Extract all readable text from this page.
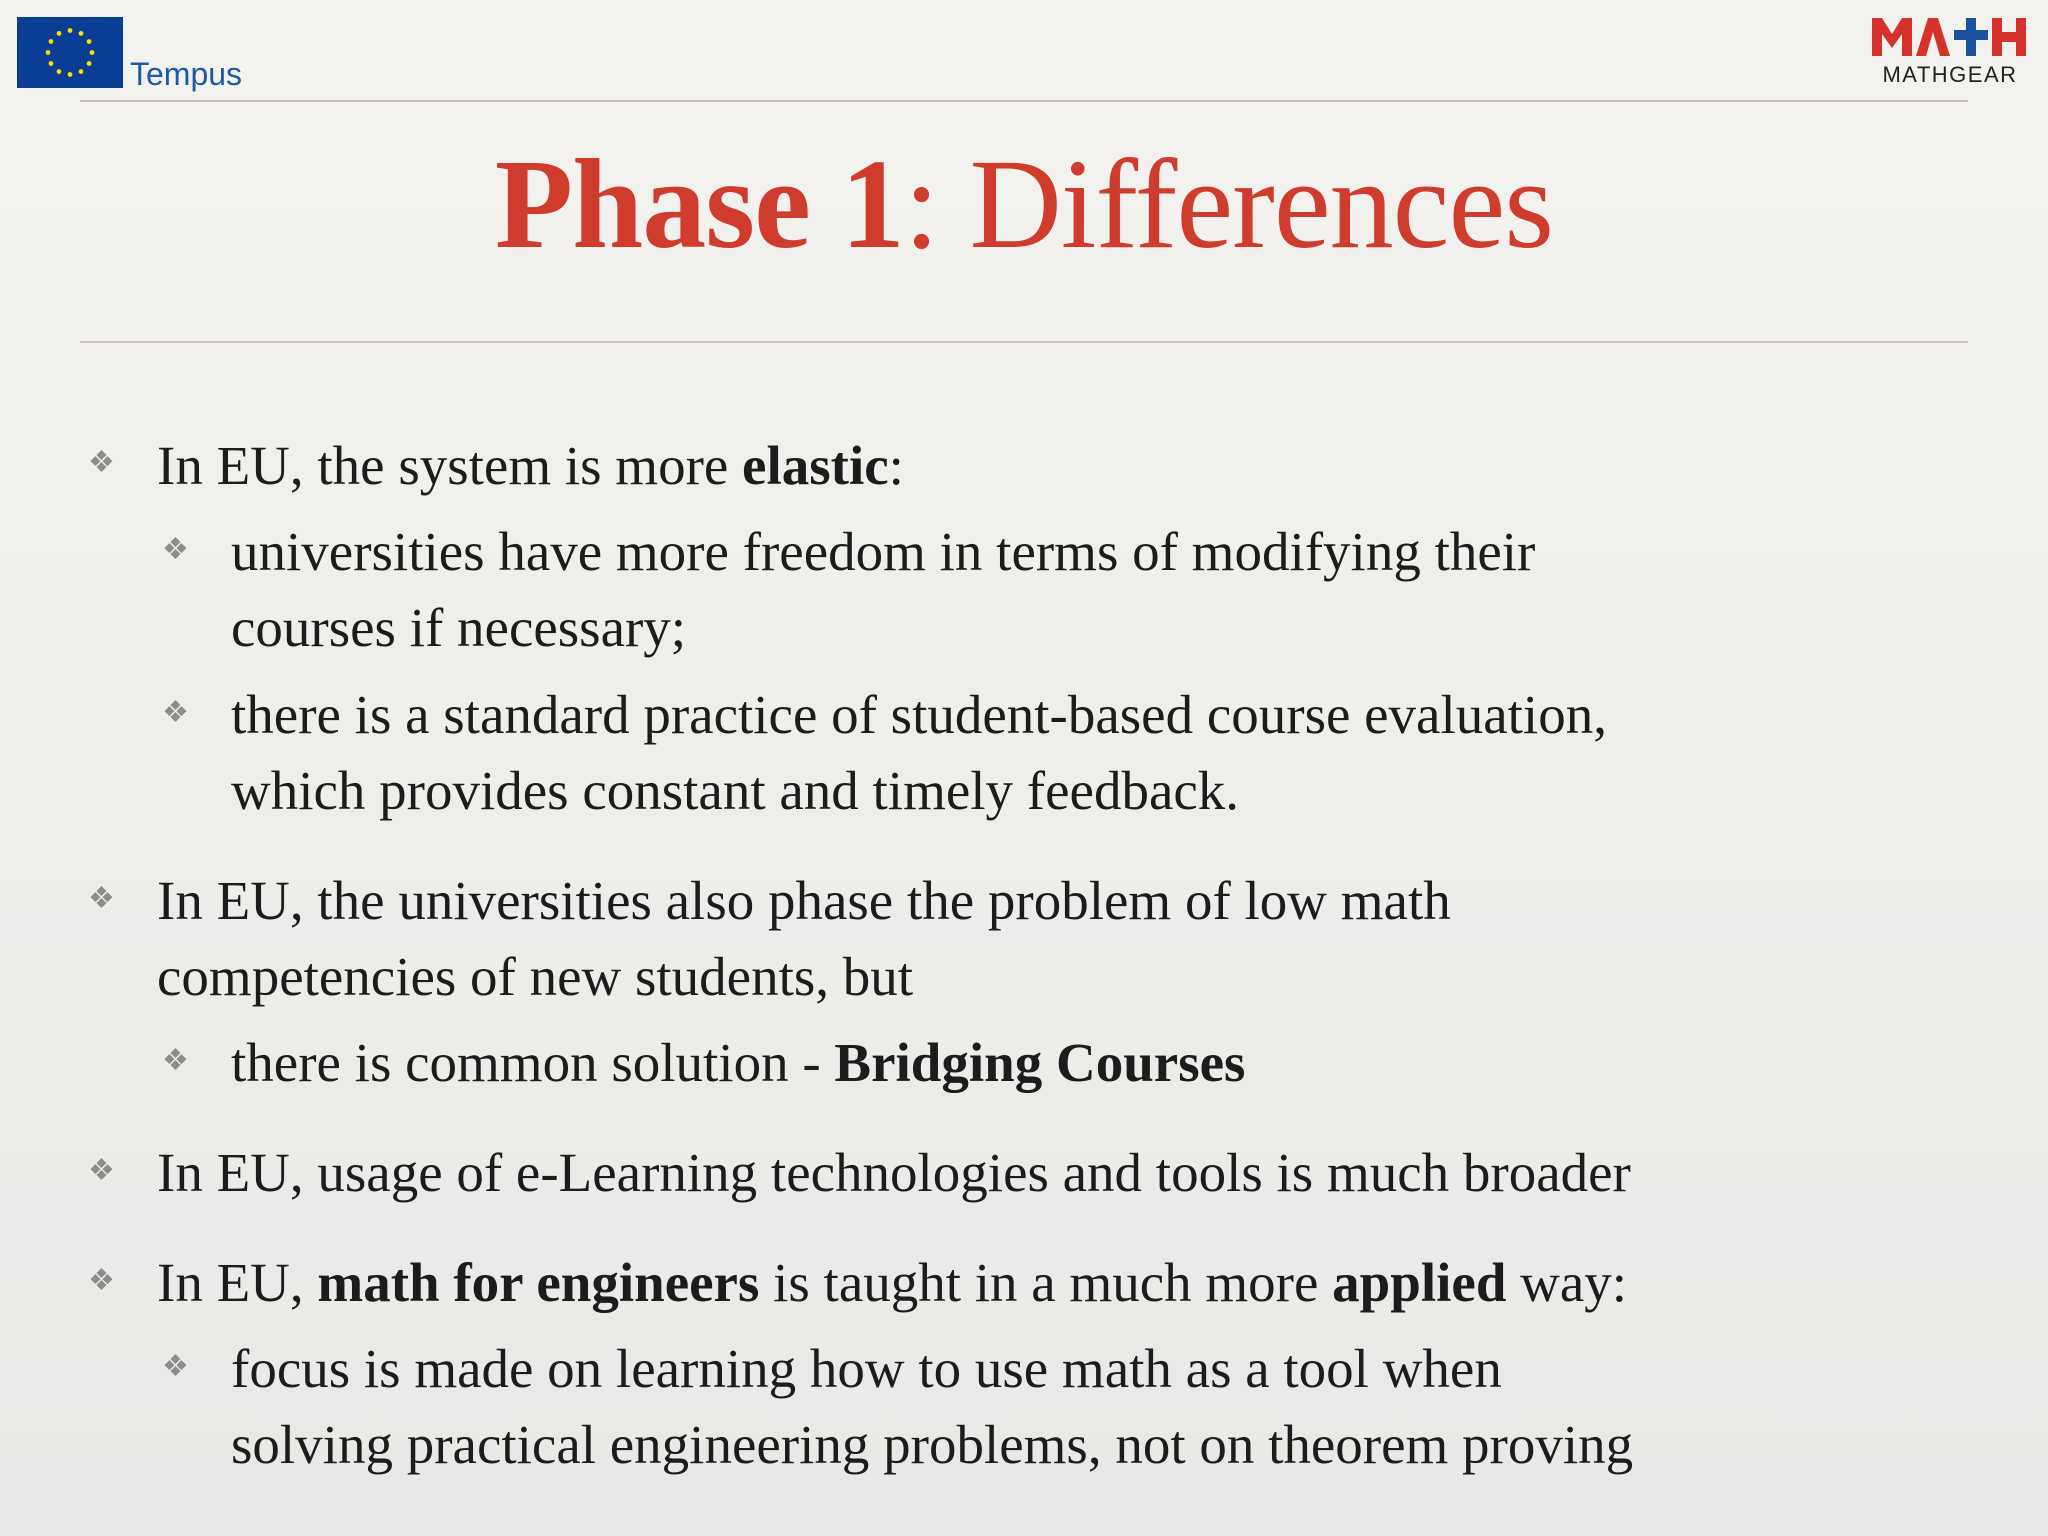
Tempus	MATHGEAR
Phase 1: Differences
❖ In EU, the system is more elastic:
❖ universities have more freedom in terms of modifying their
courses if necessary;
❖ there is a standard practice of student-based course evaluation,
which provides constant and timely feedback.
❖ In EU, the universities also phase the problem of low math
competencies of new students, but
❖ there is common solution - Bridging Courses
❖ In EU, usage of e-Learning technologies and tools is much broader
❖ In EU, math for engineers is taught in a much more applied way:
❖ focus is made on learning how to use math as a tool when
solving practical engineering problems, not on theorem proving
